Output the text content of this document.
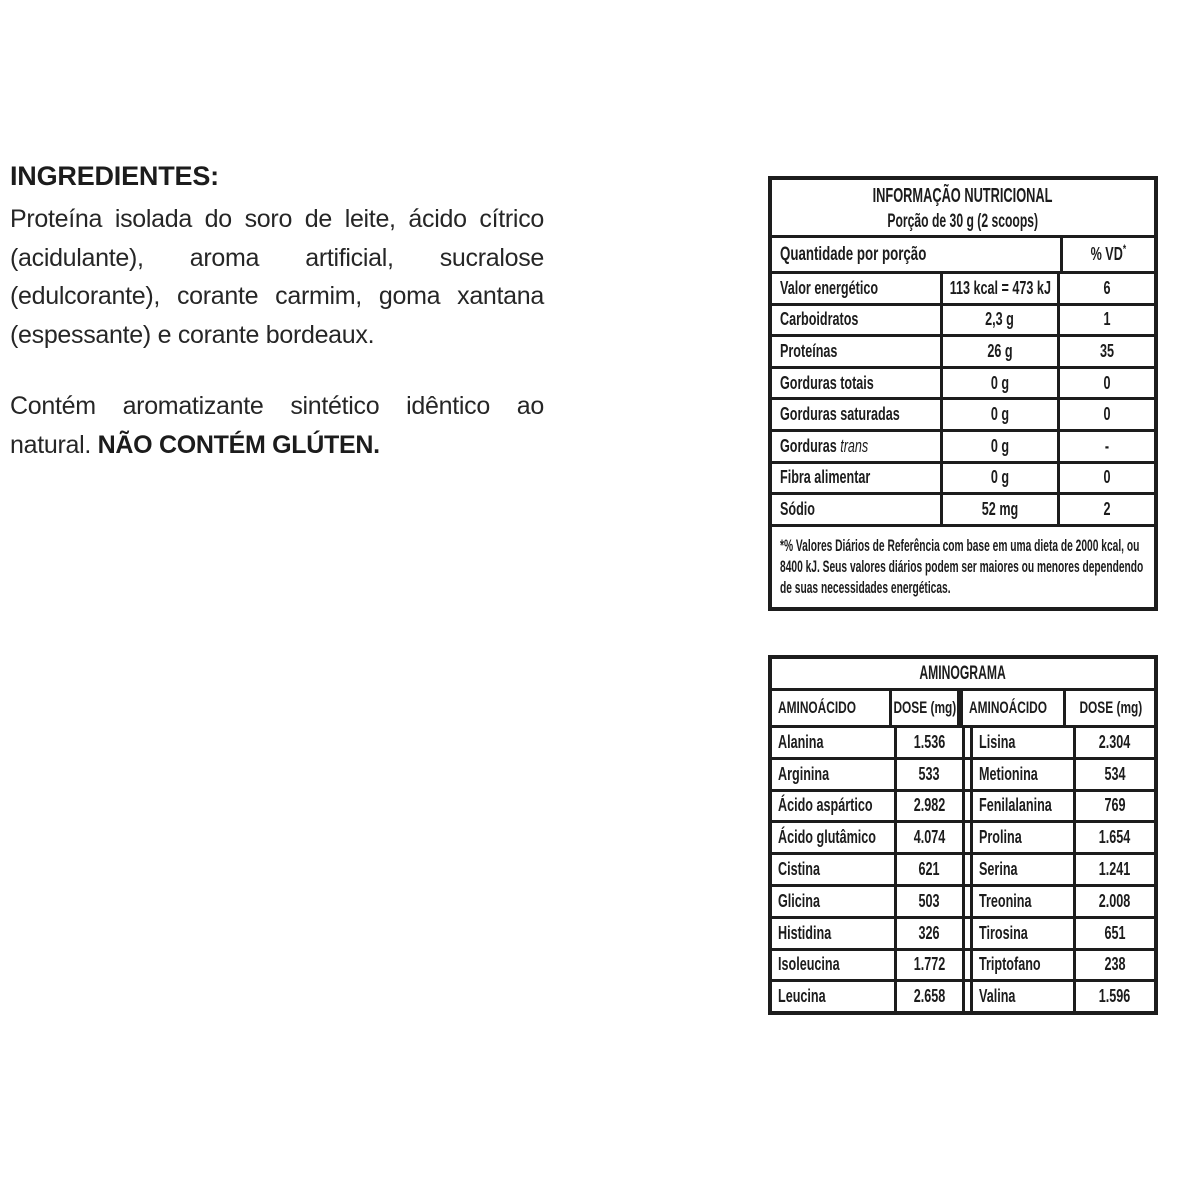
INGREDIENTES:

Proteína isolada do soro de leite, ácido cítrico (acidulante), aroma artificial, sucralose (edulcorante), corante carmim, goma xantana (espessante) e corante bordeaux.

Contém aromatizante sintético idêntico ao natural. NÃO CONTÉM GLÚTEN.

INFORMAÇÃO NUTRICIONAL
Porção de 30 g (2 scoops)
Quantidade por porção	% VD*
Valor energético	113 kcal = 473 kJ	6
Carboidratos	2,3 g	1
Proteínas	26 g	35
Gorduras totais	0 g	0
Gorduras saturadas	0 g	0
Gorduras trans	0 g	-
Fibra alimentar	0 g	0
Sódio	52 mg	2
*% Valores Diários de Referência com base em uma dieta de 2000 kcal, ou
8400 kJ. Seus valores diários podem ser maiores ou menores dependendo
de suas necessidades energéticas.
AMINOGRAMA
AMINOÁCIDO DOSE (mg) AMINOÁCIDO DOSE (mg)
Alanina	1.536 Lisina	2.304
Arginina	533 Metionina	534
Ácido aspártico 2.982 Fenilalanina	769
Ácido glutâmico 4.074 Prolina	1.654
Cistina	621 Serina	1.241
Glicina	503 Treonina	2.008
Histidina	326 Tirosina	651
Isoleucina	1.772 Triptofano	238
Leucina	2.658 Valina	1.596
